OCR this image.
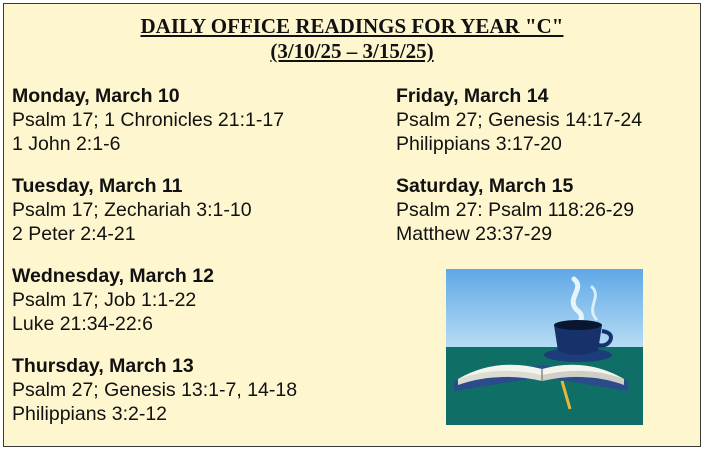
DAILY OFFICE READINGS FOR YEAR "C"
(3/10/25 – 3/15/25)

Monday, March 10

Psalm 17; 1 Chronicles 21:1-17

1 John 2:1-6

Tuesday, March 11

Psalm 17; Zechariah 3:1-10

2 Peter 2:4-21

Wednesday, March 12

Psalm 17; Job 1:1-22

Luke 21:34-22:6

Thursday, March 13

Psalm 27; Genesis 13:1-7, 14-18

Philippians 3:2-12

Friday, March 14

Psalm 27; Genesis 14:17-24

Philippians 3:17-20

Saturday, March 15

Psalm 27: Psalm 118:26-29

Matthew 23:37-29
